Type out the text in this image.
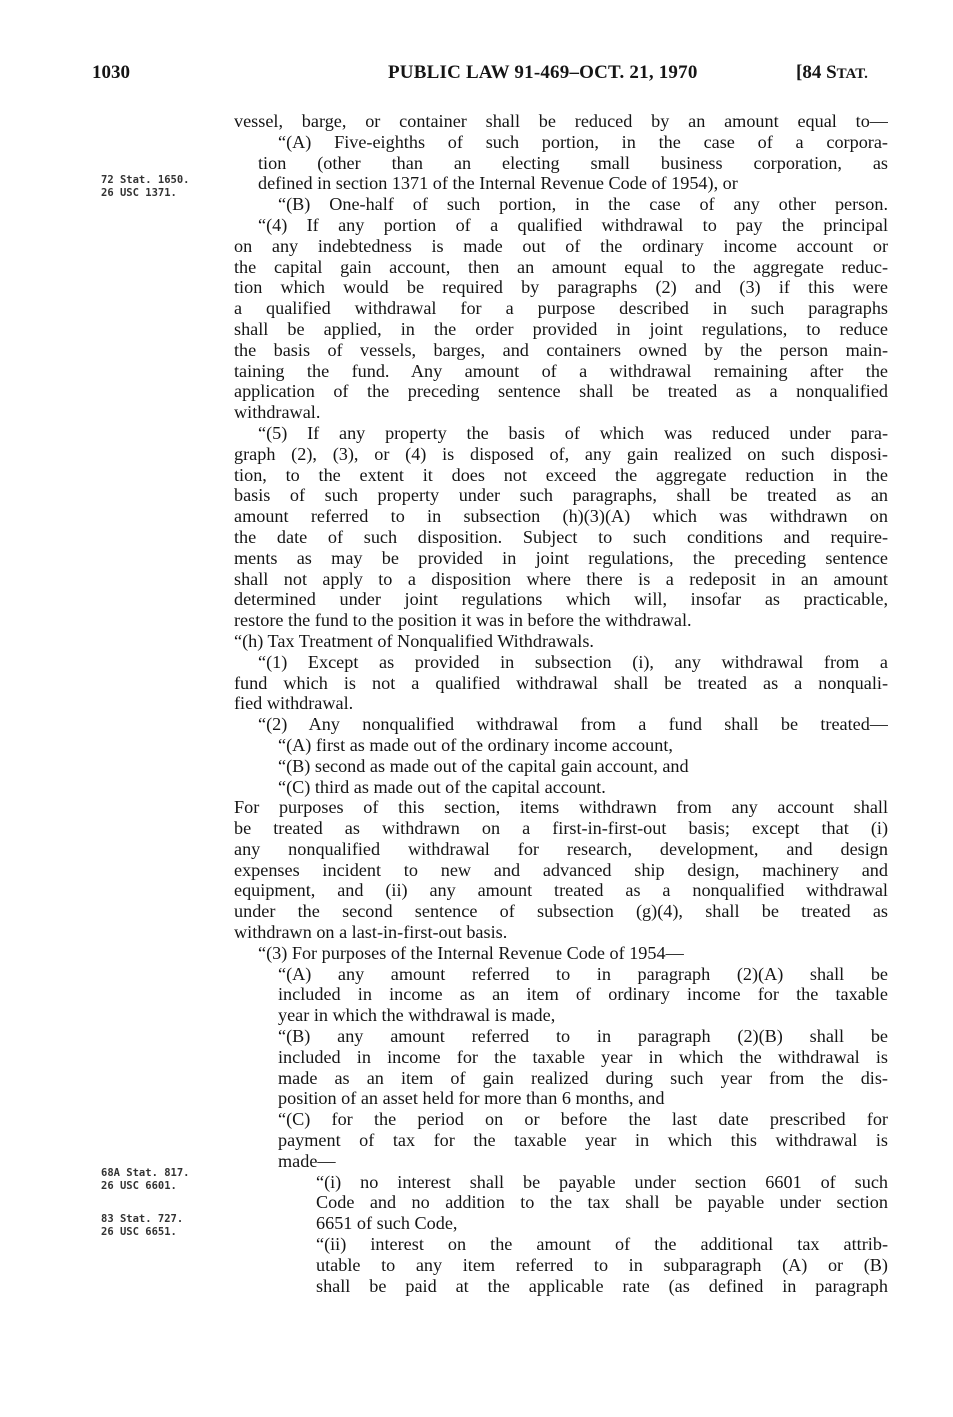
1030	PUBLIC LAW 91-469–OCT. 21, 1970	[84 STAT.
72 Stat. 1650.
26 USC 1371.
68A Stat. 817.
26 USC 6601.
83 Stat. 727.
26 USC 6651.
vessel, barge, or container shall be reduced by an amount equal to—
“(A) Five-eighths of such portion, in the case of a corpora-
tion (other than an electing small business corporation, as
defined in section 1371 of the Internal Revenue Code of 1954), or
“(B) One-half of such portion, in the case of any other person.
“(4) If any portion of a qualified withdrawal to pay the principal
on any indebtedness is made out of the ordinary income account or
the capital gain account, then an amount equal to the aggregate reduc-
tion which would be required by paragraphs (2) and (3) if this were
a qualified withdrawal for a purpose described in such paragraphs
shall be applied, in the order provided in joint regulations, to reduce
the basis of vessels, barges, and containers owned by the person main-
taining the fund. Any amount of a withdrawal remaining after the
application of the preceding sentence shall be treated as a nonqualified
withdrawal.
“(5) If any property the basis of which was reduced under para-
graph (2), (3), or (4) is disposed of, any gain realized on such disposi-
tion, to the extent it does not exceed the aggregate reduction in the
basis of such property under such paragraphs, shall be treated as an
amount referred to in subsection (h)(3)(A) which was withdrawn on
the date of such disposition. Subject to such conditions and require-
ments as may be provided in joint regulations, the preceding sentence
shall not apply to a disposition where there is a redeposit in an amount
determined under joint regulations which will, insofar as practicable,
restore the fund to the position it was in before the withdrawal.
“(h) Tax Treatment of Nonqualified Withdrawals.
“(1) Except as provided in subsection (i), any withdrawal from a
fund which is not a qualified withdrawal shall be treated as a nonquali-
fied withdrawal.
“(2) Any nonqualified withdrawal from a fund shall be treated—
“(A) first as made out of the ordinary income account,
“(B) second as made out of the capital gain account, and
“(C) third as made out of the capital account.
For purposes of this section, items withdrawn from any account shall
be treated as withdrawn on a first-in-first-out basis; except that (i)
any nonqualified withdrawal for research, development, and design
expenses incident to new and advanced ship design, machinery and
equipment, and (ii) any amount treated as a nonqualified withdrawal
under the second sentence of subsection (g)(4), shall be treated as
withdrawn on a last-in-first-out basis.
“(3) For purposes of the Internal Revenue Code of 1954—
“(A) any amount referred to in paragraph (2)(A) shall be
included in income as an item of ordinary income for the taxable
year in which the withdrawal is made,
“(B) any amount referred to in paragraph (2)(B) shall be
included in income for the taxable year in which the withdrawal is
made as an item of gain realized during such year from the dis-
position of an asset held for more than 6 months, and
“(C) for the period on or before the last date prescribed for
payment of tax for the taxable year in which this withdrawal is
made—
“(i) no interest shall be payable under section 6601 of such
Code and no addition to the tax shall be payable under section
6651 of such Code,
“(ii) interest on the amount of the additional tax attrib-
utable to any item referred to in subparagraph (A) or (B)
shall be paid at the applicable rate (as defined in paragraph
